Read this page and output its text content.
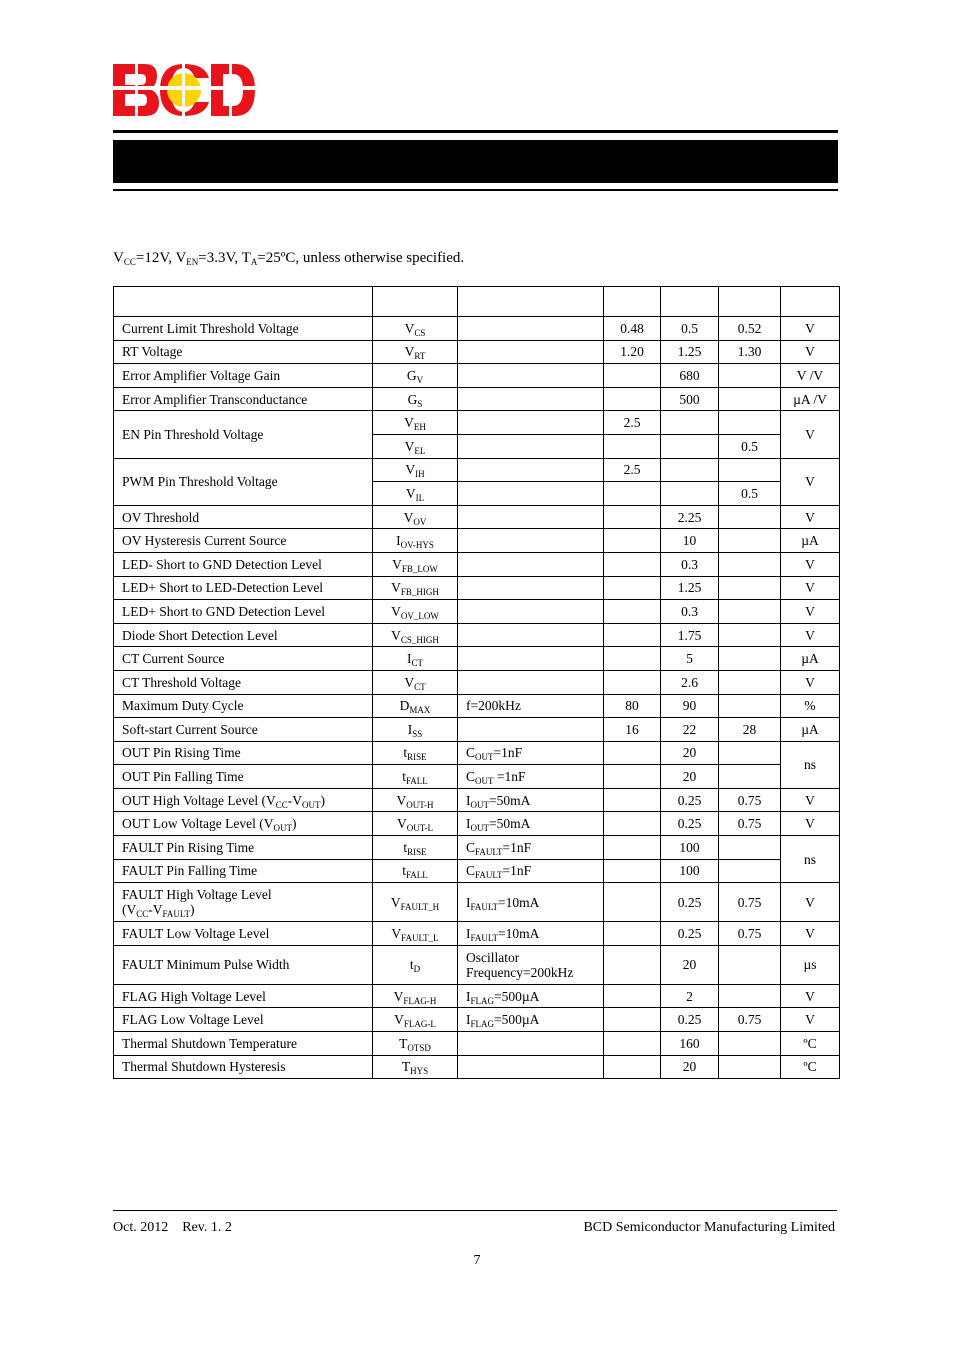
$V_{CC}=12V$, $V_{EN}=3.3V$, $T_A=25ºC$, unless otherwise specified.

Current Limit Threshold Voltage	$V_{CS}$		0.48	0.5	0.52	V
RT Voltage	$V_{RT}$		1.20	1.25	1.30	V
Error Amplifier Voltage Gain	$G_V$			680		V /V
Error Amplifier Transconductance	$G_S$			500		µA /V
EN Pin Threshold Voltage	$V_{EH}$		2.5			V
	$V_{EL}$				0.5	
PWM Pin Threshold Voltage	$V_{IH}$		2.5			V
	$V_{IL}$				0.5	
OV Threshold	$V_{OV}$			2.25		V
OV Hysteresis Current Source	$I_{OV-HYS}$			10		µA
LED- Short to GND Detection Level	$V_{FB\_LOW}$			0.3		V
LED+ Short to LED-Detection Level	$V_{FB\_HIGH}$			1.25		V
LED+ Short to GND Detection Level	$V_{OV\_LOW}$			0.3		V
Diode Short Detection Level	$V_{CS\_HIGH}$			1.75		V
CT Current Source	$I_{CT}$			5		µA
CT Threshold Voltage	$V_{CT}$			2.6		V
Maximum Duty Cycle	$D_{MAX}$	f=200kHz	80	90		%
Soft-start Current Source	$I_{SS}$		16	22	28	µA
OUT Pin Rising Time	$t_{RISE}$	$C_{OUT}=1nF$		20		ns
OUT Pin Falling Time	$t_{FALL}$	$C_{OUT} =1nF$		20		
OUT High Voltage Level $(V_{CC}-V_{OUT})$	$V_{OUT-H}$	$I_{OUT}=50mA$		0.25	0.75	V
OUT Low Voltage Level $(V_{OUT})$	$V_{OUT-L}$	$I_{OUT}=50mA$		0.25	0.75	V
FAULT Pin Rising Time	$t_{RISE}$	$C_{FAULT}=1nF$		100		ns
FAULT Pin Falling Time	$t_{FALL}$	$C_{FAULT}=1nF$		100		
FAULT High Voltage Level
$(V_{CC}-V_{FAULT})$	$V_{FAULT\_H}$	$I_{FAULT}=10mA$		0.25	0.75	V
FAULT Low Voltage Level	$V_{FAULT\_L}$	$I_{FAULT}=10mA$		0.25	0.75	V
FAULT Minimum Pulse Width	$t_D$	Oscillator
Frequency=200kHz		20		µs
FLAG High Voltage Level	$V_{FLAG-H}$	$I_{FLAG}=500\mu A$		2		V
FLAG Low Voltage Level	$V_{FLAG-L}$	$I_{FLAG}=500\mu A$		0.25	0.75	V
Thermal Shutdown Temperature	$T_{OTSD}$			160		ºC
Thermal Shutdown Hysteresis	$T_{HYS}$			20		ºC
Oct. 2012 Rev. 1. 2	BCD Semiconductor Manufacturing Limited
7
